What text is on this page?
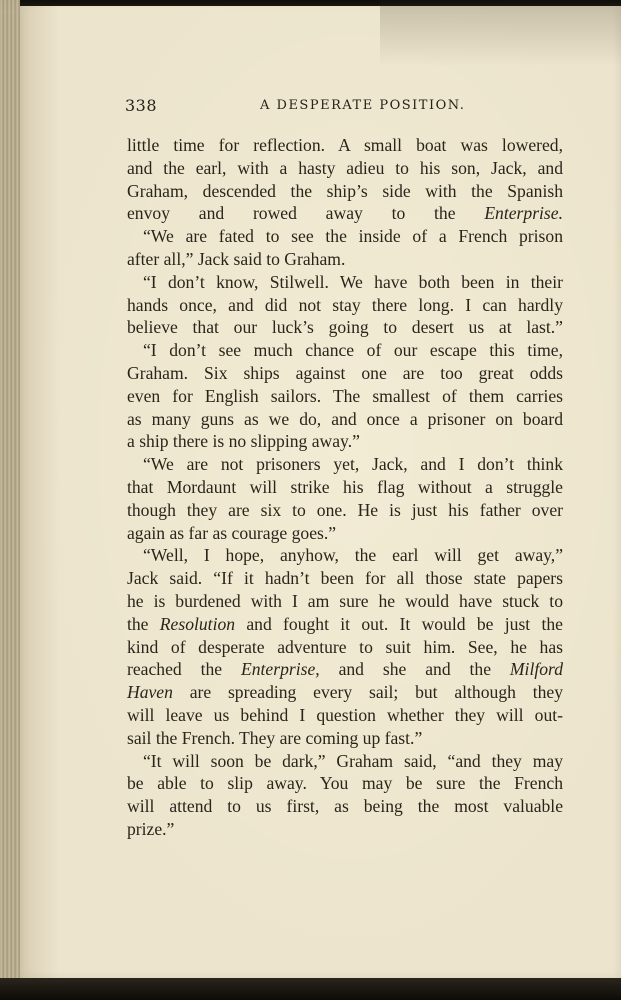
338	A DESPERATE POSITION.
little time for reflection. A small boat was lowered,
and the earl, with a hasty adieu to his son, Jack, and
Graham, descended the ship’s side with the Spanish
envoy and rowed away to the Enterprise.
“We are fated to see the inside of a French prison
after all,” Jack said to Graham.
“I don’t know, Stilwell. We have both been in their
hands once, and did not stay there long. I can hardly
believe that our luck’s going to desert us at last.”
“I don’t see much chance of our escape this time,
Graham. Six ships against one are too great odds
even for English sailors. The smallest of them carries
as many guns as we do, and once a prisoner on board
a ship there is no slipping away.”
“We are not prisoners yet, Jack, and I don’t think
that Mordaunt will strike his flag without a struggle
though they are six to one. He is just his father over
again as far as courage goes.”
“Well, I hope, anyhow, the earl will get away,”
Jack said. “If it hadn’t been for all those state papers
he is burdened with I am sure he would have stuck to
the Resolution and fought it out. It would be just the
kind of desperate adventure to suit him. See, he has
reached the Enterprise, and she and the Milford
Haven are spreading every sail; but although they
will leave us behind I question whether they will out-
sail the French. They are coming up fast.”
“It will soon be dark,” Graham said, “and they may
be able to slip away. You may be sure the French
will attend to us first, as being the most valuable
prize.”
